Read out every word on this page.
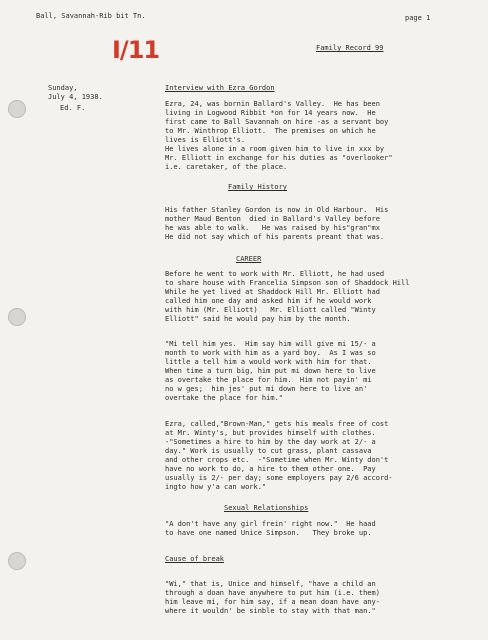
Ball, Savannah-Rib bit Tn.	page 1
I/11	Family Record 99
Sunday,
July 4, 1938.
Ed. F.
Interview with Ezra Gordon
Ezra, 24, was bornin Ballard's Valley.  He has been
living in Logwood Ribbit *on for 14 years now.  He
first came to Ball Savannah on hire -as a servant boy
to Mr. Winthrop Elliott.  The premises on which he
lives is Elliott's.
He lives alone in a room given him to live in xxx by
Mr. Elliott in exchange for his duties as "overlooker"
i.e. caretaker, of the place.
Family History
His father Stanley Gordon is now in Old Harbour.  His
mother Maud Benton  died in Ballard's Valley before
he was able to walk.   He was raised by his"gran"mx
He did not say which of his parents preant that was.
CAREER
Before he went to work with Mr. Elliott, he had used
to share house with Francelia Simpson son of Shaddock Hill
While he yet lived at Shaddock Hill Mr. Elliott had
called him one day and asked him if he would work
with him (Mr. Elliott)   Mr. Elliott called "Winty
Elliott" said he would pay him by the month.
"Mi tell him yes.  Him say him will give mi 15/- a
month to work with him as a yard boy.  As I was so
little a tell him a would work with him for that.
When time a turn big, him put mi down here to live
as overtake the place for him.  Him not payin' mi
no w ges;  him jes' put mi down here to live an'
overtake the place for him."
Ezra, called,"Brown-Man," gets his meals free of cost
at Mr. Winty's, but provides himself with clothes.
-"Sometimes a hire to him by the day work at 2/- a
day." Work is usually to cut grass, plant cassava
and other crops etc.  -"Sometime when Mr. Winty don't
have no work to do, a hire to them other one.  Pay
usually is 2/- per day; some employers pay 2/6 accord-
ingto how y'a can work."
Sexual Relationships
"A don't have any girl frein' right now."  He haad
to have one named Unice Simpson.   They broke up.
Cause of break
"Wi," that is, Unice and himself, "have a child an
through a doan have anywhere to put him (i.e. them)
him leave mi, for him say, if a mean doan have any-
where it wouldn' be sinble to stay with that man."
